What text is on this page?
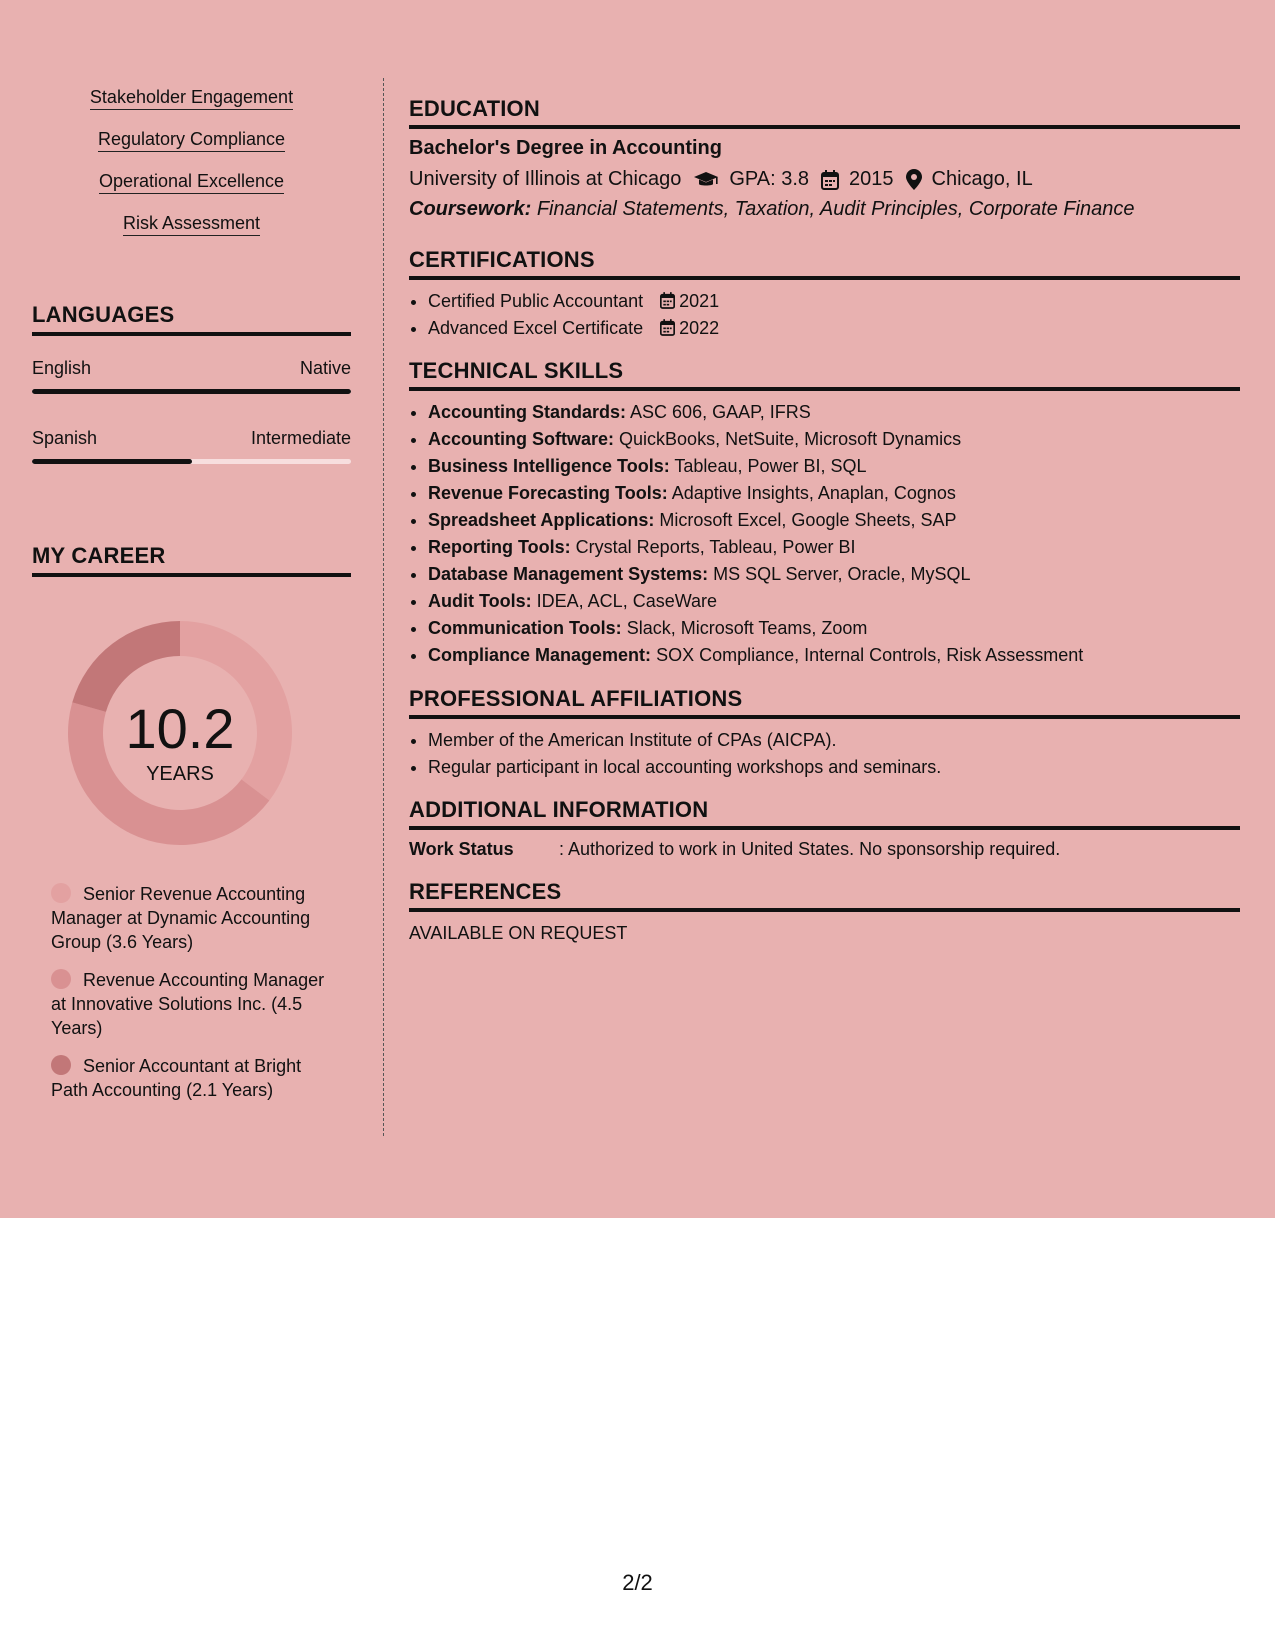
Stakeholder Engagement
Regulatory Compliance
Operational Excellence
Risk Assessment
LANGUAGES
English	Native
Spanish	Intermediate
MY CAREER
10.2
YEARS
Senior Revenue Accounting Manager at Dynamic Accounting Group (3.6 Years)
Revenue Accounting Manager at Innovative Solutions Inc. (4.5 Years)
Senior Accountant at Bright Path Accounting (2.1 Years)
EDUCATION
Bachelor's Degree in Accounting
University of Illinois at Chicago GPA: 3.8 2015 Chicago, IL
Coursework: Financial Statements, Taxation, Audit Principles, Corporate Finance
CERTIFICATIONS
• Certified Public Accountant 2021
• Advanced Excel Certificate 2022
TECHNICAL SKILLS
• Accounting Standards: ASC 606, GAAP, IFRS
• Accounting Software: QuickBooks, NetSuite, Microsoft Dynamics
• Business Intelligence Tools: Tableau, Power BI, SQL
• Revenue Forecasting Tools: Adaptive Insights, Anaplan, Cognos
• Spreadsheet Applications: Microsoft Excel, Google Sheets, SAP
• Reporting Tools: Crystal Reports, Tableau, Power BI
• Database Management Systems: MS SQL Server, Oracle, MySQL
• Audit Tools: IDEA, ACL, CaseWare
• Communication Tools: Slack, Microsoft Teams, Zoom
• Compliance Management: SOX Compliance, Internal Controls, Risk Assessment
PROFESSIONAL AFFILIATIONS
• Member of the American Institute of CPAs (AICPA).
• Regular participant in local accounting workshops and seminars.
ADDITIONAL INFORMATION
Work Status	: Authorized to work in United States. No sponsorship required.
REFERENCES
AVAILABLE ON REQUEST
2/2
